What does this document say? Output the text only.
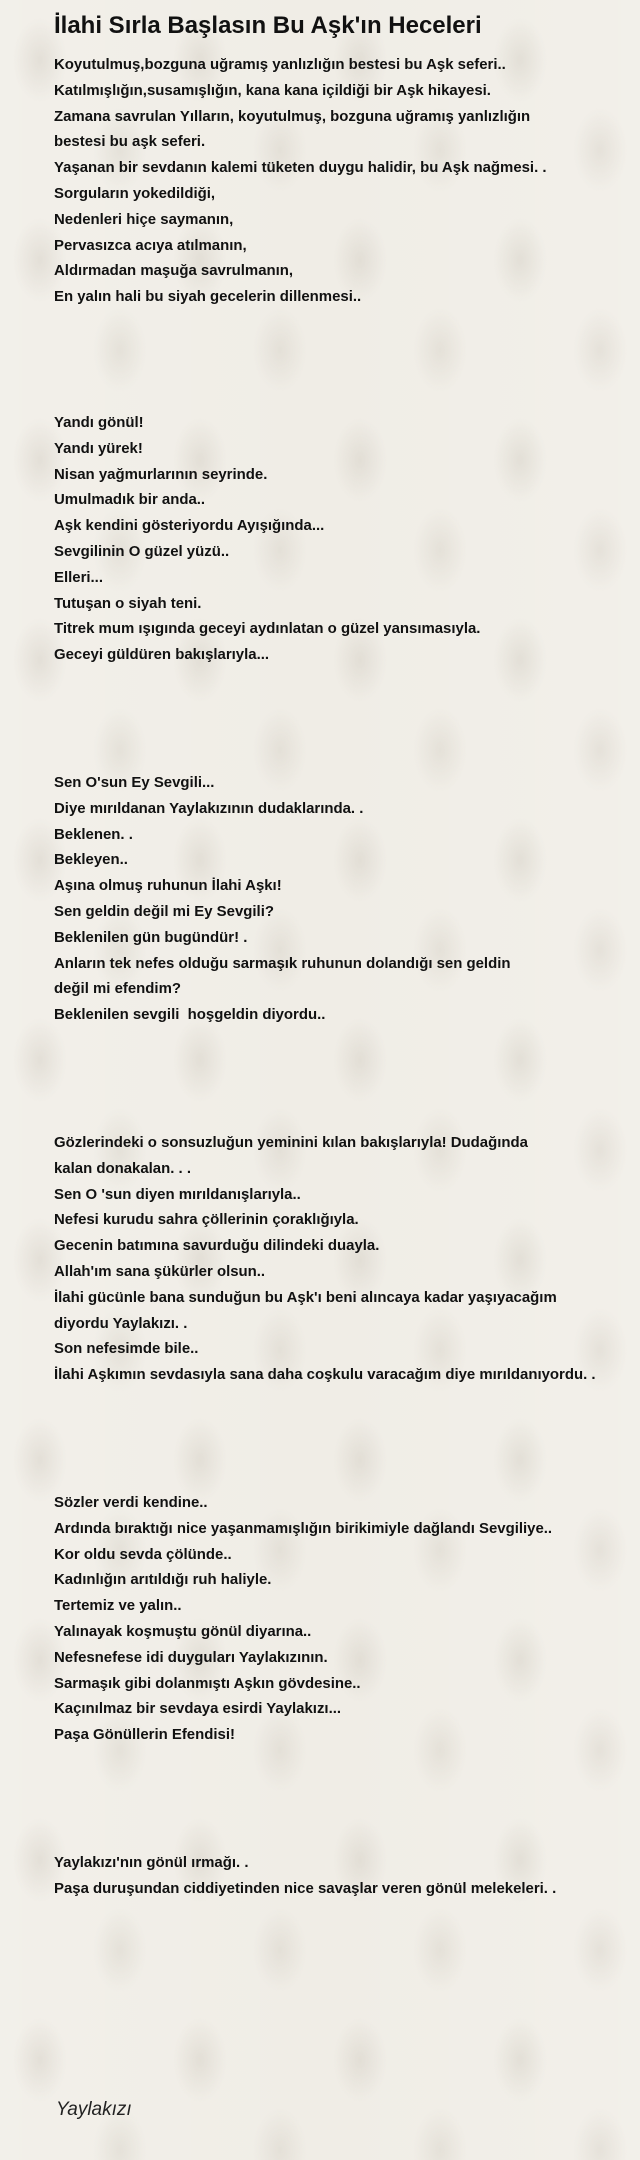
İlahi Sırla Başlasın Bu Aşk'ın Heceleri
Koyutulmuş,bozguna uğramış yanlızlığın bestesi bu Aşk seferi..
Katılmışlığın,susamışlığın, kana kana içildiği bir Aşk hikayesi.
Zamana savrulan Yılların, koyutulmuş, bozguna uğramış yanlızlığın
bestesi bu aşk seferi.
Yaşanan bir sevdanın kalemi tüketen duygu halidir, bu Aşk nağmesi. .
Sorguların yokedildiği,
Nedenleri hiçe saymanın,
Pervasızca acıya atılmanın,
Aldırmadan maşuğa savrulmanın,
En yalın hali bu siyah gecelerin dillenmesi..
Yandı gönül!
Yandı yürek!
Nisan yağmurlarının seyrinde.
Umulmadık bir anda..
Aşk kendini gösteriyordu Ayışığında...
Sevgilinin O güzel yüzü..
Elleri...
Tutuşan o siyah teni.
Titrek mum ışıgında geceyi aydınlatan o güzel yansımasıyla.
Geceyi güldüren bakışlarıyla...
Sen O'sun Ey Sevgili...
Diye mırıldanan Yaylakızının dudaklarında. .
Beklenen. .
Bekleyen..
Aşına olmuş ruhunun İlahi Aşkı!
Sen geldin değil mi Ey Sevgili?
Beklenilen gün bugündür! .
Anların tek nefes olduğu sarmaşık ruhunun dolandığı sen geldin
değil mi efendim?
Beklenilen sevgili  hoşgeldin diyordu..
Gözlerindeki o sonsuzluğun yeminini kılan bakışlarıyla! Dudağında
kalan donakalan. . .
Sen O 'sun diyen mırıldanışlarıyla..
Nefesi kurudu sahra çöllerinin çoraklığıyla.
Gecenin batımına savurduğu dilindeki duayla.
Allah'ım sana şükürler olsun..
İlahi gücünle bana sunduğun bu Aşk'ı beni alıncaya kadar yaşıyacağım
diyordu Yaylakızı. .
Son nefesimde bile..
İlahi Aşkımın sevdasıyla sana daha coşkulu varacağım diye mırıldanıyordu. .
Sözler verdi kendine..
Ardında bıraktığı nice yaşanmamışlığın birikimiyle dağlandı Sevgiliye..
Kor oldu sevda çölünde..
Kadınlığın arıtıldığı ruh haliyle.
Tertemiz ve yalın..
Yalınayak koşmuştu gönül diyarına..
Nefesnefese idi duyguları Yaylakızının.
Sarmaşık gibi dolanmıştı Aşkın gövdesine..
Kaçınılmaz bir sevdaya esirdi Yaylakızı...
Paşa Gönüllerin Efendisi!
Yaylakızı'nın gönül ırmağı. .
Paşa duruşundan ciddiyetinden nice savaşlar veren gönül melekeleri. .

Yaylakızı
